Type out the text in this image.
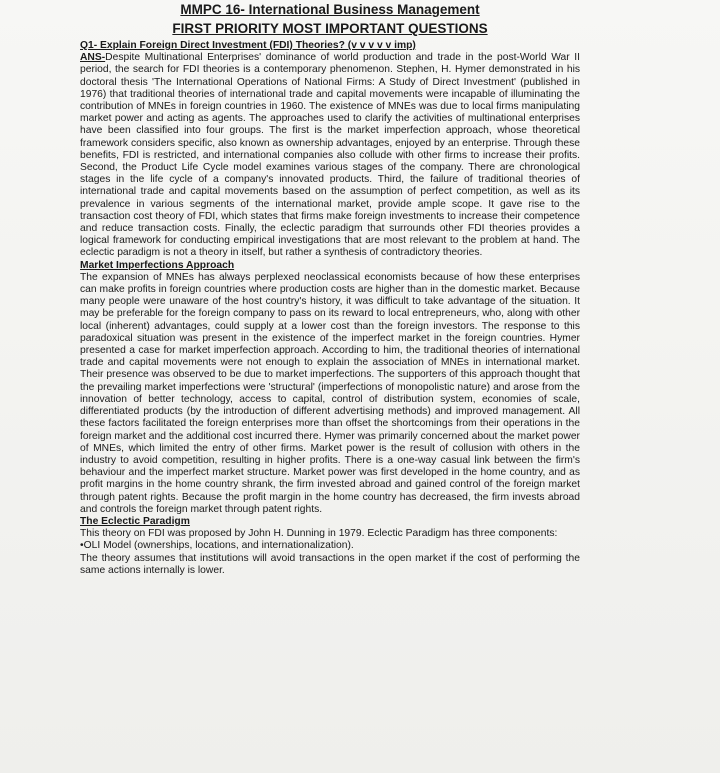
MMPC 16- International Business Management
FIRST PRIORITY MOST IMPORTANT QUESTIONS
Q1- Explain Foreign Direct Investment (FDI) Theories? (v v v v v imp)

ANS-Despite Multinational Enterprises' dominance of world production and trade in the post-World War II period, the search for FDI theories is a contemporary phenomenon. Stephen, H. Hymer demonstrated in his doctoral thesis 'The International Operations of National Firms: A Study of Direct Investment' (published in 1976) that traditional theories of international trade and capital movements were incapable of illuminating the contribution of MNEs in foreign countries in 1960. The existence of MNEs was due to local firms manipulating market power and acting as agents. The approaches used to clarify the activities of multinational enterprises have been classified into four groups. The first is the market imperfection approach, whose theoretical framework considers specific, also known as ownership advantages, enjoyed by an enterprise. Through these benefits, FDI is restricted, and international companies also collude with other firms to increase their profits. Second, the Product Life Cycle model examines various stages of the company. There are chronological stages in the life cycle of a company's innovated products. Third, the failure of traditional theories of international trade and capital movements based on the assumption of perfect competition, as well as its prevalence in various segments of the international market, provide ample scope. It gave rise to the transaction cost theory of FDI, which states that firms make foreign investments to increase their competence and reduce transaction costs. Finally, the eclectic paradigm that surrounds other FDI theories provides a logical framework for conducting empirical investigations that are most relevant to the problem at hand. The eclectic paradigm is not a theory in itself, but rather a synthesis of contradictory theories.

Market Imperfections Approach

The expansion of MNEs has always perplexed neoclassical economists because of how these enterprises can make profits in foreign countries where production costs are higher than in the domestic market. Because many people were unaware of the host country's history, it was difficult to take advantage of the situation. It may be preferable for the foreign company to pass on its reward to local entrepreneurs, who, along with other local (inherent) advantages, could supply at a lower cost than the foreign investors. The response to this paradoxical situation was present in the existence of the imperfect market in the foreign countries. Hymer presented a case for market imperfection approach. According to him, the traditional theories of international trade and capital movements were not enough to explain the association of MNEs in international market. Their presence was observed to be due to market imperfections. The supporters of this approach thought that the prevailing market imperfections were 'structural' (imperfections of monopolistic nature) and arose from the innovation of better technology, access to capital, control of distribution system, economies of scale, differentiated products (by the introduction of different advertising methods) and improved management. All these factors facilitated the foreign enterprises more than offset the shortcomings from their operations in the foreign market and the additional cost incurred there. Hymer was primarily concerned about the market power of MNEs, which limited the entry of other firms. Market power is the result of collusion with others in the industry to avoid competition, resulting in higher profits. There is a one-way casual link between the firm's behaviour and the imperfect market structure. Market power was first developed in the home country, and as profit margins in the home country shrank, the firm invested abroad and gained control of the foreign market through patent rights. Because the profit margin in the home country has decreased, the firm invests abroad and controls the foreign market through patent rights.

The Eclectic Paradigm

This theory on FDI was proposed by John H. Dunning in 1979. Eclectic Paradigm has three components:

• OLI Model (ownerships, locations, and internationalization).

The theory assumes that institutions will avoid transactions in the open market if the cost of performing the same actions internally is lower.
